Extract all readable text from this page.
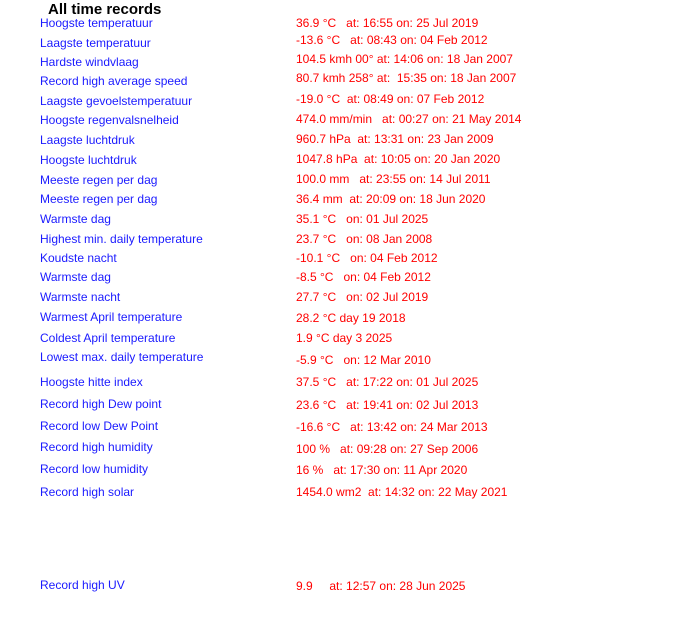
All time records
Hoogste temperatuur	36.9 °C   at: 16:55 on: 25 Jul 2019
Laagste temperatuur	-13.6 °C   at: 08:43 on: 04 Feb 2012
Hardste windvlaag	104.5 kmh 00° at: 14:06 on: 18 Jan 2007
Record high average speed	80.7 kmh 258° at:  15:35 on: 18 Jan 2007
Laagste gevoelstemperatuur	-19.0 °C  at: 08:49 on: 07 Feb 2012
Hoogste regenvalsnelheid	474.0 mm/min   at: 00:27 on: 21 May 2014
Laagste luchtdruk	960.7 hPa  at: 13:31 on: 23 Jan 2009
Hoogste luchtdruk	1047.8 hPa  at: 10:05 on: 20 Jan 2020
Meeste regen per dag	100.0 mm   at: 23:55 on: 14 Jul 2011
Meeste regen per dag	36.4 mm  at: 20:09 on: 18 Jun 2020
Warmste dag	35.1 °C   on: 01 Jul 2025
Highest min. daily temperature	23.7 °C   on: 08 Jan 2008
Koudste nacht	-10.1 °C   on: 04 Feb 2012
Warmste dag	-8.5 °C   on: 04 Feb 2012
Warmste nacht	27.7 °C   on: 02 Jul 2019
Warmest April temperature	28.2 °C day 19 2018
Coldest April temperature	1.9 °C day 3 2025
Lowest max. daily temperature	-5.9 °C   on: 12 Mar 2010
Hoogste hitte index	37.5 °C   at: 17:22 on: 01 Jul 2025
Record high Dew point	23.6 °C   at: 19:41 on: 02 Jul 2013
Record low Dew Point	-16.6 °C   at: 13:42 on: 24 Mar 2013
Record high humidity	100 %   at: 09:28 on: 27 Sep 2006
Record low humidity	16 %   at: 17:30 on: 11 Apr 2020
Record high solar	1454.0 wm2  at: 14:32 on: 22 May 2021
Record high UV	9.9     at: 12:57 on: 28 Jun 2025
